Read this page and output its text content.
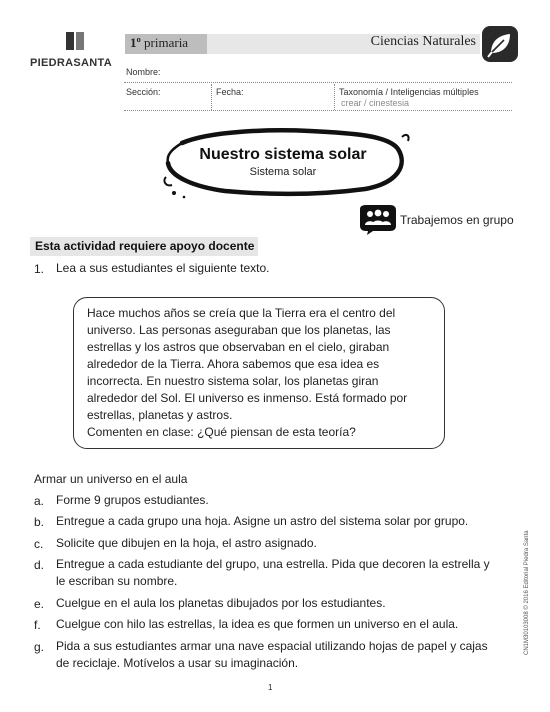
PIEDRASANTA
1º primaria	Ciencias Naturales
Nombre:
Sección:	Fecha:	Taxonomía / Inteligencias múltiples
crear / cinestesia
Nuestro sistema solar
Sistema solar
Trabajemos en grupo
Esta actividad requiere apoyo docente
1. Lea a sus estudiantes el siguiente texto.
Hace muchos años se creía que la Tierra era el centro del
universo. Las personas aseguraban que los planetas, las
estrellas y los astros que observaban en el cielo, giraban
alrededor de la Tierra. Ahora sabemos que esa idea es
incorrecta. En nuestro sistema solar, los planetas giran
alrededor del Sol. El universo es inmenso. Está formado por
estrellas, planetas y astros.
Comenten en clase: ¿Qué piensan de esta teoría?
Armar un universo en el aula
a. Forme 9 grupos estudiantes.
b. Entregue a cada grupo una hoja. Asigne un astro del sistema solar por grupo.
c. Solicite que dibujen en la hoja, el astro asignado.
d. Entregue a cada estudiante del grupo, una estrella. Pida que decoren la estrella y
le escriban su nombre.
e. Cuelgue en el aula los planetas dibujados por los estudiantes.
f. Cuelgue con hilo las estrellas, la idea es que formen un universo en el aula.
g. Pida a sus estudiantes armar una nave espacial utilizando hojas de papel y cajas
de reciclaje. Motívelos a usar su imaginación.
CN1M30103008 © 2016 Editorial Piedra Santa
1
